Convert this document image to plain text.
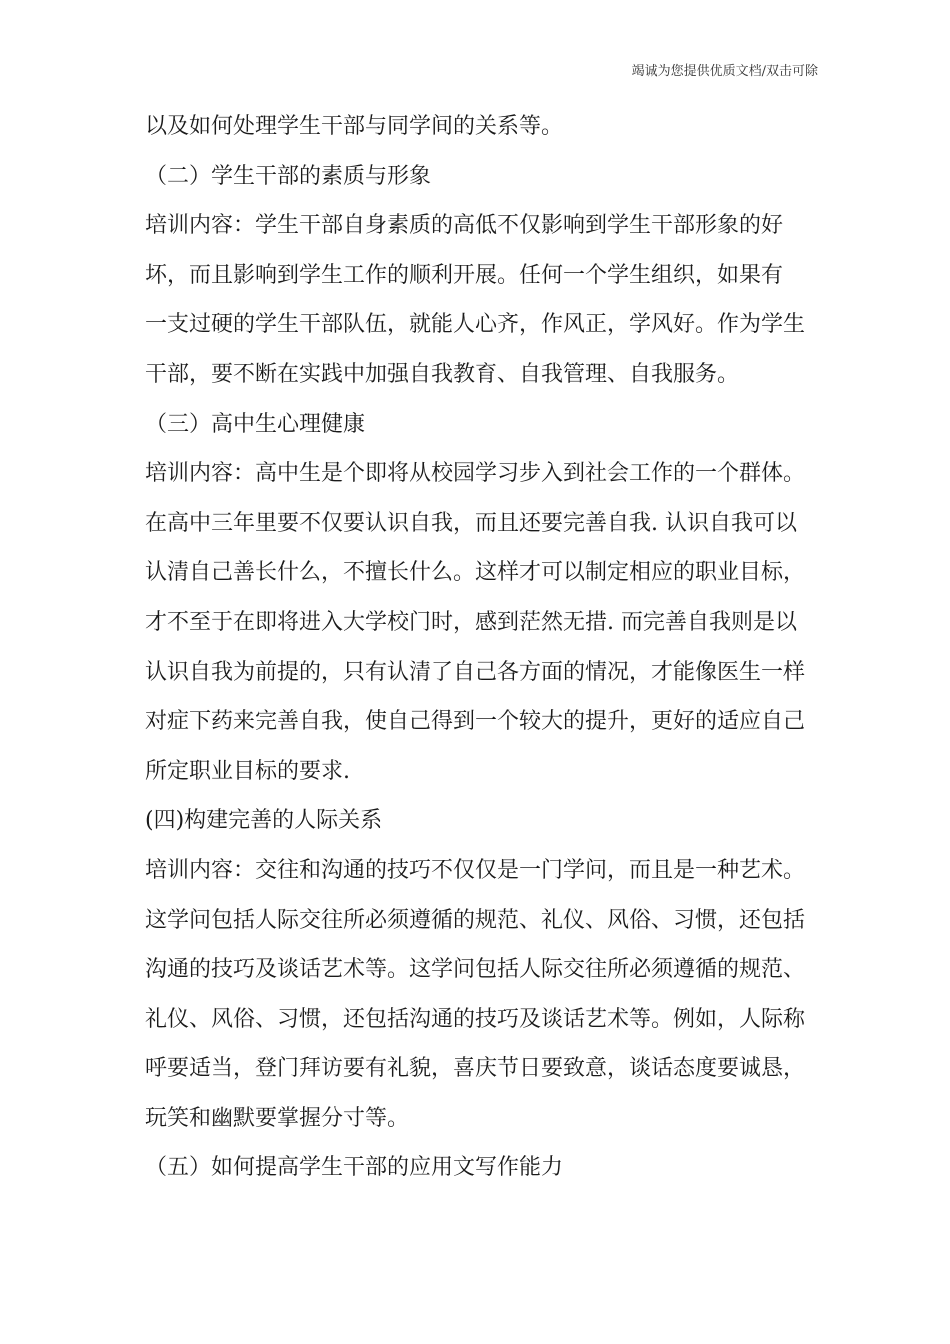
竭诚为您提供优质文档/双击可除
以及如何处理学生干部与同学间的关系等。
（二）学生干部的素质与形象
培训内容：学生干部自身素质的高低不仅影响到学生干部形象的好
坏，而且影响到学生工作的顺利开展。任何一个学生组织，如果有
一支过硬的学生干部队伍，就能人心齐，作风正，学风好。作为学生
干部，要不断在实践中加强自我教育、自我管理、自我服务。
（三）高中生心理健康
培训内容：高中生是个即将从校园学习步入到社会工作的一个群体。
在高中三年里要不仅要认识自我，而且还要完善自我. 认识自我可以
认清自己善长什么，不擅长什么。这样才可以制定相应的职业目标，
才不至于在即将进入大学校门时，感到茫然无措. 而完善自我则是以
认识自我为前提的，只有认清了自己各方面的情况，才能像医生一样
对症下药来完善自我，使自己得到一个较大的提升，更好的适应自己
所定职业目标的要求.
(四)构建完善的人际关系
培训内容：交往和沟通的技巧不仅仅是一门学问，而且是一种艺术。
这学问包括人际交往所必须遵循的规范、礼仪、风俗、习惯，还包括
沟通的技巧及谈话艺术等。这学问包括人际交往所必须遵循的规范、
礼仪、风俗、习惯，还包括沟通的技巧及谈话艺术等。例如，人际称
呼要适当，登门拜访要有礼貌，喜庆节日要致意，谈话态度要诚恳，
玩笑和幽默要掌握分寸等。
（五）如何提高学生干部的应用文写作能力
